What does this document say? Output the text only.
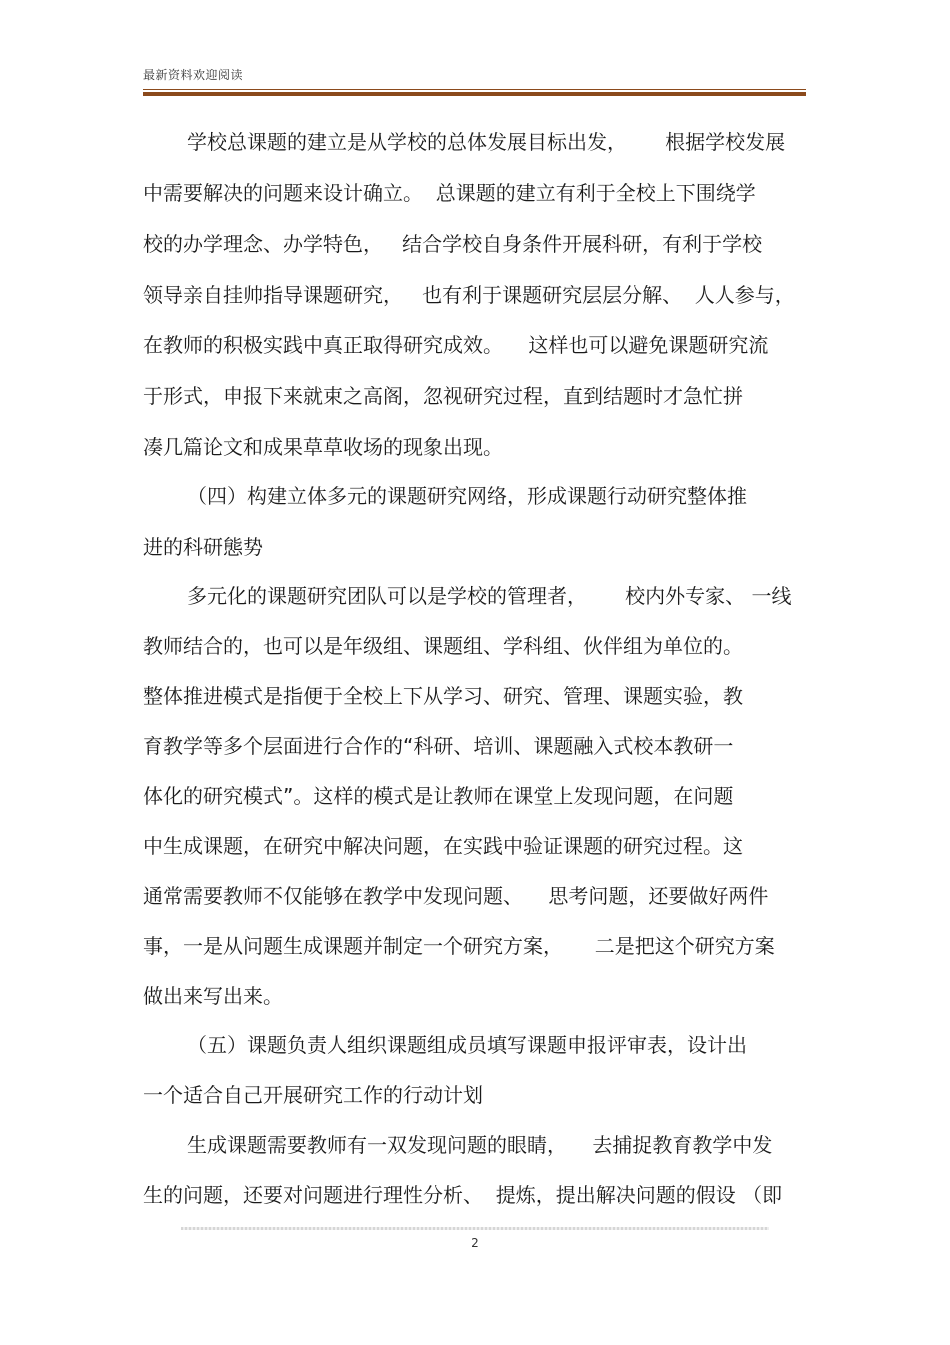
最新资料欢迎阅读
学校总课题的建立是从学校的总体发展目标出发，      根据学校发展
中需要解决的问题来设计确立。  总课题的建立有利于全校上下围绕学
校的办学理念、办学特色，   结合学校自身条件开展科研，有利于学校
领导亲自挂帅指导课题研究，   也有利于课题研究层层分解、  人人参与，
在教师的积极实践中真正取得研究成效。    这样也可以避免课题研究流
于形式，申报下来就束之高阁，忽视研究过程，直到结题时才急忙拼
凑几篇论文和成果草草收场的现象出现。
（四）构建立体多元的课题研究网络，形成课题行动研究整体推
进的科研態势
多元化的课题研究团队可以是学校的管理者，      校内外专家、 一线
教师结合的，也可以是年级组、课题组、学科组、伙伴组为单位的。
整体推进模式是指便于全校上下从学习、研究、管理、课题实验，教
育教学等多个层面进行合作的“科研、培训、课题融入式校本教研一
体化的研究模式”。这样的模式是让教师在课堂上发现问题，在问题
中生成课题，在研究中解决问题，在实践中验证课题的研究过程。这
通常需要教师不仅能够在教学中发现问题、    思考问题，还要做好两件
事，一是从问题生成课题并制定一个研究方案，     二是把这个研究方案
做出来写出来。
（五）课题负责人组织课题组成员填写课题申报评审表，设计出
一个适合自己开展研究工作的行动计划
生成课题需要教师有一双发现问题的眼睛，    去捕捉教育教学中发
生的问题，还要对问题进行理性分析、  提炼，提出解决问题的假设 （即
2
